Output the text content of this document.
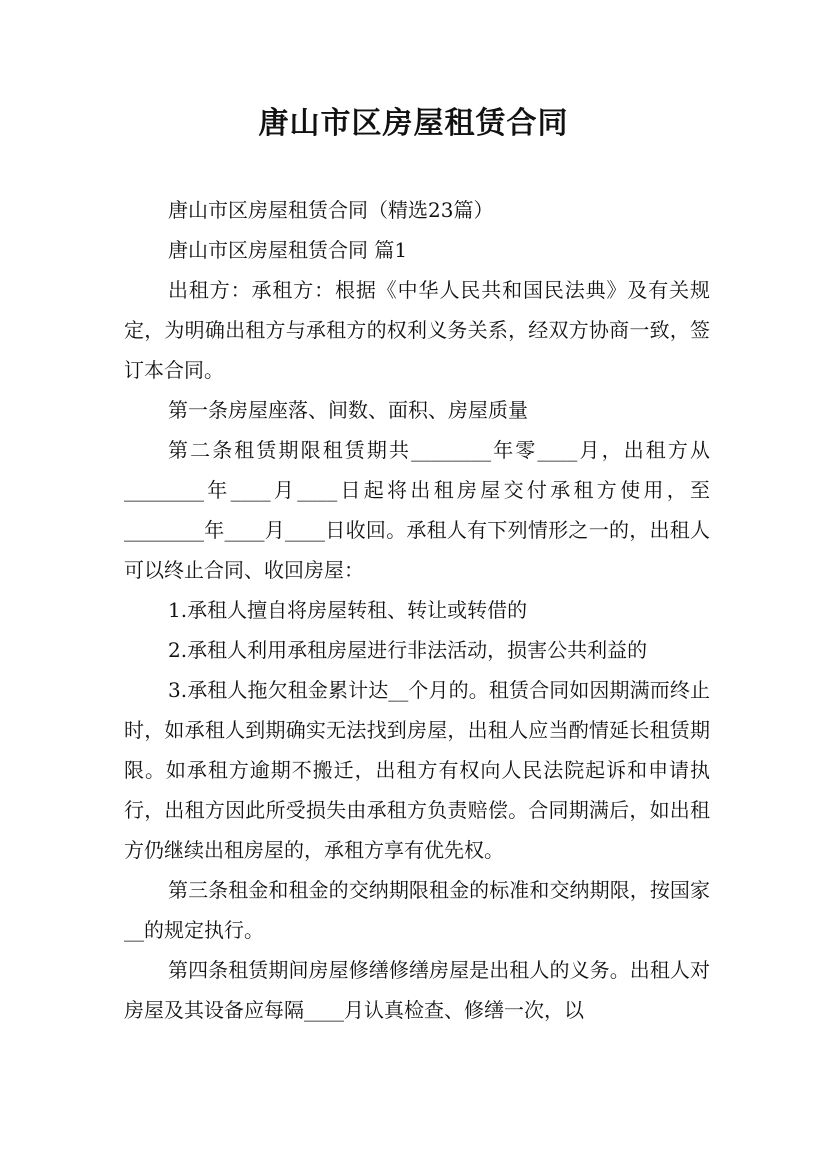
唐山市区房屋租赁合同

唐山市区房屋租赁合同（精选23篇）

唐山市区房屋租赁合同 篇1

出租方：承租方：根据《中华人民共和国民法典》及有关规定，为明确出租方与承租方的权利义务关系，经双方协商一致，签订本合同。

第一条房屋座落、间数、面积、房屋质量

第二条租赁期限租赁期共________年零____月，出租方从________年____月____日起将出租房屋交付承租方使用，至________年____月____日收回。承租人有下列情形之一的，出租人可以终止合同、收回房屋：

1.承租人擅自将房屋转租、转让或转借的

2.承租人利用承租房屋进行非法活动，损害公共利益的

3.承租人拖欠租金累计达__个月的。租赁合同如因期满而终止时，如承租人到期确实无法找到房屋，出租人应当酌情延长租赁期限。如承租方逾期不搬迁，出租方有权向人民法院起诉和申请执行，出租方因此所受损失由承租方负责赔偿。合同期满后，如出租方仍继续出租房屋的，承租方享有优先权。

第三条租金和租金的交纳期限租金的标准和交纳期限，按国家__的规定执行。

第四条租赁期间房屋修缮修缮房屋是出租人的义务。出租人对房屋及其设备应每隔____月认真检查、修缮一次，以
